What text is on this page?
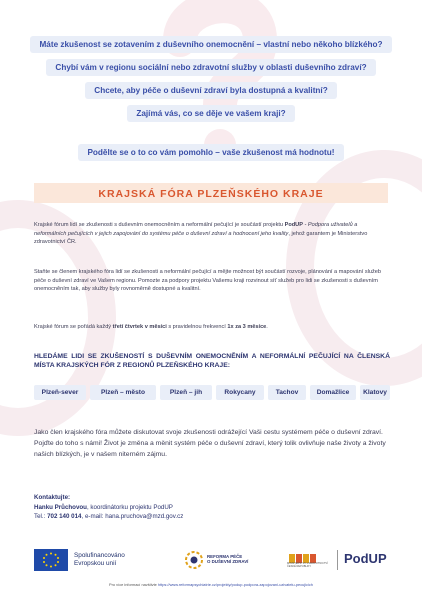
Máte zkušenost se zotavením z duševního onemocnění – vlastní nebo někoho blízkého?
Chybí vám v regionu sociální nebo zdravotní služby v oblasti duševního zdraví?
Chcete, aby péče o duševní zdraví byla dostupná a kvalitní?
Zajímá vás, co se děje ve vašem kraji?
Podělte se o to co vám pomohlo – vaše zkušenost má hodnotu!
KRAJSKÁ FÓRA PLZEŇSKÉHO KRAJE
Krajské fórum lidí se zkušenosti s duševním onemocněním a neformální pečující je součástí projektu PodUP - Podpora uživatelů a neformálních pečujících v jejich zapojování do systému péče o duševní zdraví a hodnocení jeho kvality, jehož garantem je Ministerstvo zdravotnictví ČR.
Staňte se členem krajského fóra lidí se zkušenosti a neformální pečující a mějte možnost být součástí rozvoje, plánování a mapování služeb péče o duševní zdraví ve Vašem regionu. Pomozte za podpory projektu Vašemu kraji rozvinout síť služeb pro lidi se zkušenosti s duševním onemocněním tak, aby služby byly rovnoměrně dostupné a kvalitní.
Krajské fórum se pořádá každý třetí čtvrtek v měsíci s pravidelnou frekvencí 1x za 3 měsíce.
HLEDÁME LIDI SE ZKUŠENOSTÍ S DUŠEVNÍM ONEMOCNĚNÍM A NEFORMÁLNÍ PEČUJÍCÍ NA ČLENSKÁ MÍSTA KRAJSKÝCH FÓR Z REGIONŮ PLZEŇSKÉHO KRAJE:
Plzeň-sever	Plzeň – město	Plzeň – jih	Rokycany	Tachov	Domažlice	Klatovy
Jako člen krajského fóra můžete diskutovat svoje zkušenosti odrážející Vaši cestu systémem péče o duševní zdraví. Pojďte do toho s námi! Život je změna a měnit systém péče o duševní zdraví, který tolik ovlivňuje naše životy a životy našich blízkých, je v našem niterném zájmu.
Kontaktujte:
Hanku Průchovou, koordinátorku projektu PodUP
Tel.: 702 140 014, e-mail: hana.pruchova@mzd.gov.cz
Spolufinancováno
Evropskou unií
REFORMA PÉČE
O DUŠEVNÍ ZDRAVÍ	MINISTERSTVO ZDRAVOTNICTVÍ ČESKÉ REPUBLIKY
PodUP
Pro více informací navštivte https://www.reformapsychiatrie.cz/projekty/podup-podpora-zapojovani-uzivatelu-pecujicich
